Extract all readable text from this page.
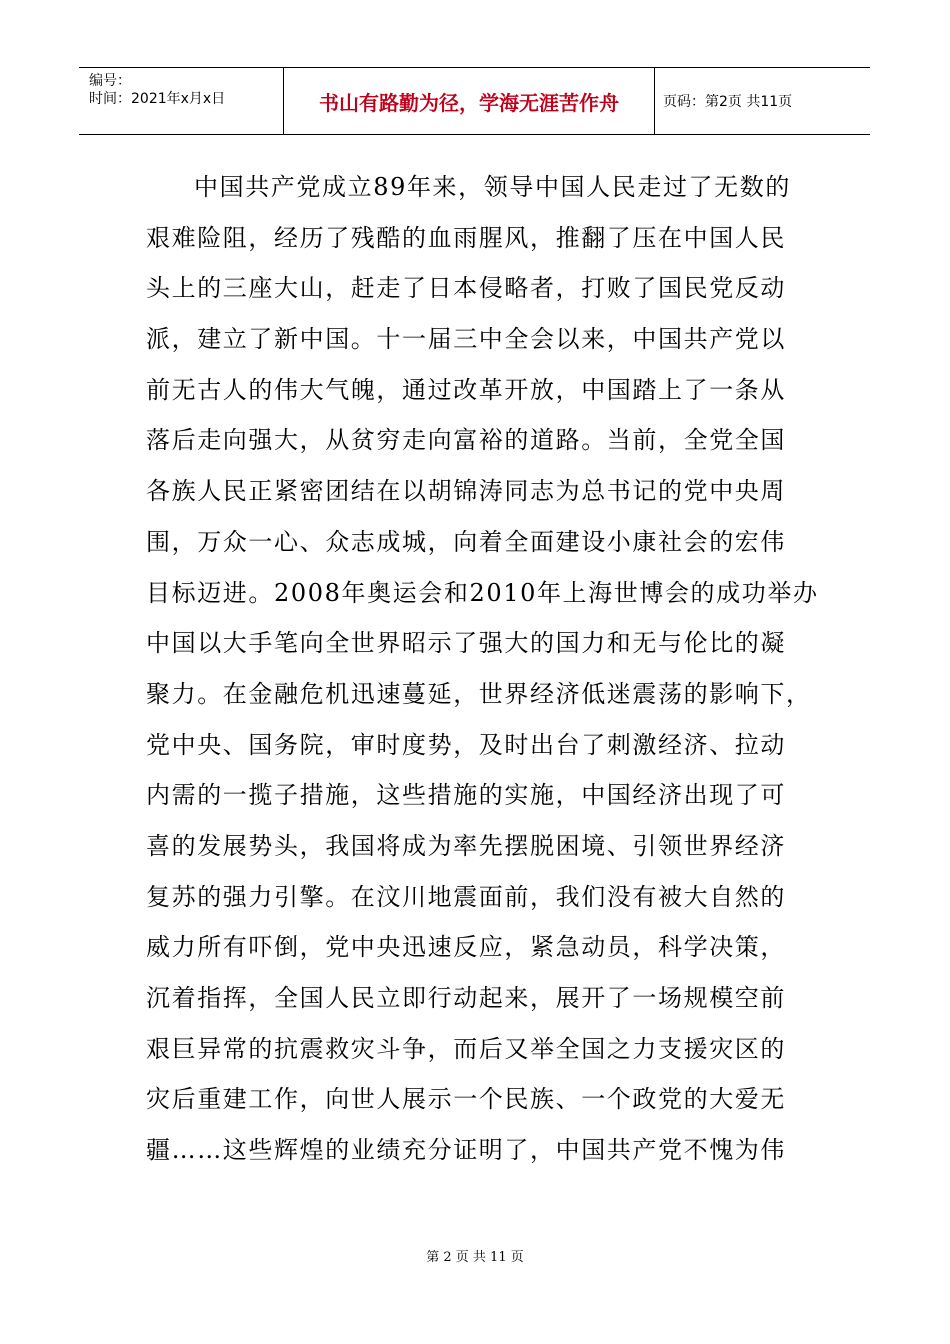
编号：
时间：2021年x月x日	书山有路勤为径，学海无涯苦作舟	页码：第2页 共11页
中国共产党成立89年来，领导中国人民走过了无数的
艰难险阻，经历了残酷的血雨腥风，推翻了压在中国人民
头上的三座大山，赶走了日本侵略者，打败了国民党反动
派，建立了新中国。十一届三中全会以来，中国共产党以
前无古人的伟大气魄，通过改革开放，中国踏上了一条从
落后走向强大，从贫穷走向富裕的道路。当前，全党全国
各族人民正紧密团结在以胡锦涛同志为总书记的党中央周
围，万众一心、众志成城，向着全面建设小康社会的宏伟
目标迈进。2008年奥运会和2010年上海世博会的成功举办
中国以大手笔向全世界昭示了强大的国力和无与伦比的凝
聚力。在金融危机迅速蔓延，世界经济低迷震荡的影响下，
党中央、国务院，审时度势，及时出台了刺激经济、拉动
内需的一揽子措施，这些措施的实施，中国经济出现了可
喜的发展势头，我国将成为率先摆脱困境、引领世界经济
复苏的强力引擎。在汶川地震面前，我们没有被大自然的
威力所有吓倒，党中央迅速反应，紧急动员，科学决策，
沉着指挥，全国人民立即行动起来，展开了一场规模空前
艰巨异常的抗震救灾斗争，而后又举全国之力支援灾区的
灾后重建工作，向世人展示一个民族、一个政党的大爱无
疆……这些辉煌的业绩充分证明了，中国共产党不愧为伟
第 2 页 共 11 页
